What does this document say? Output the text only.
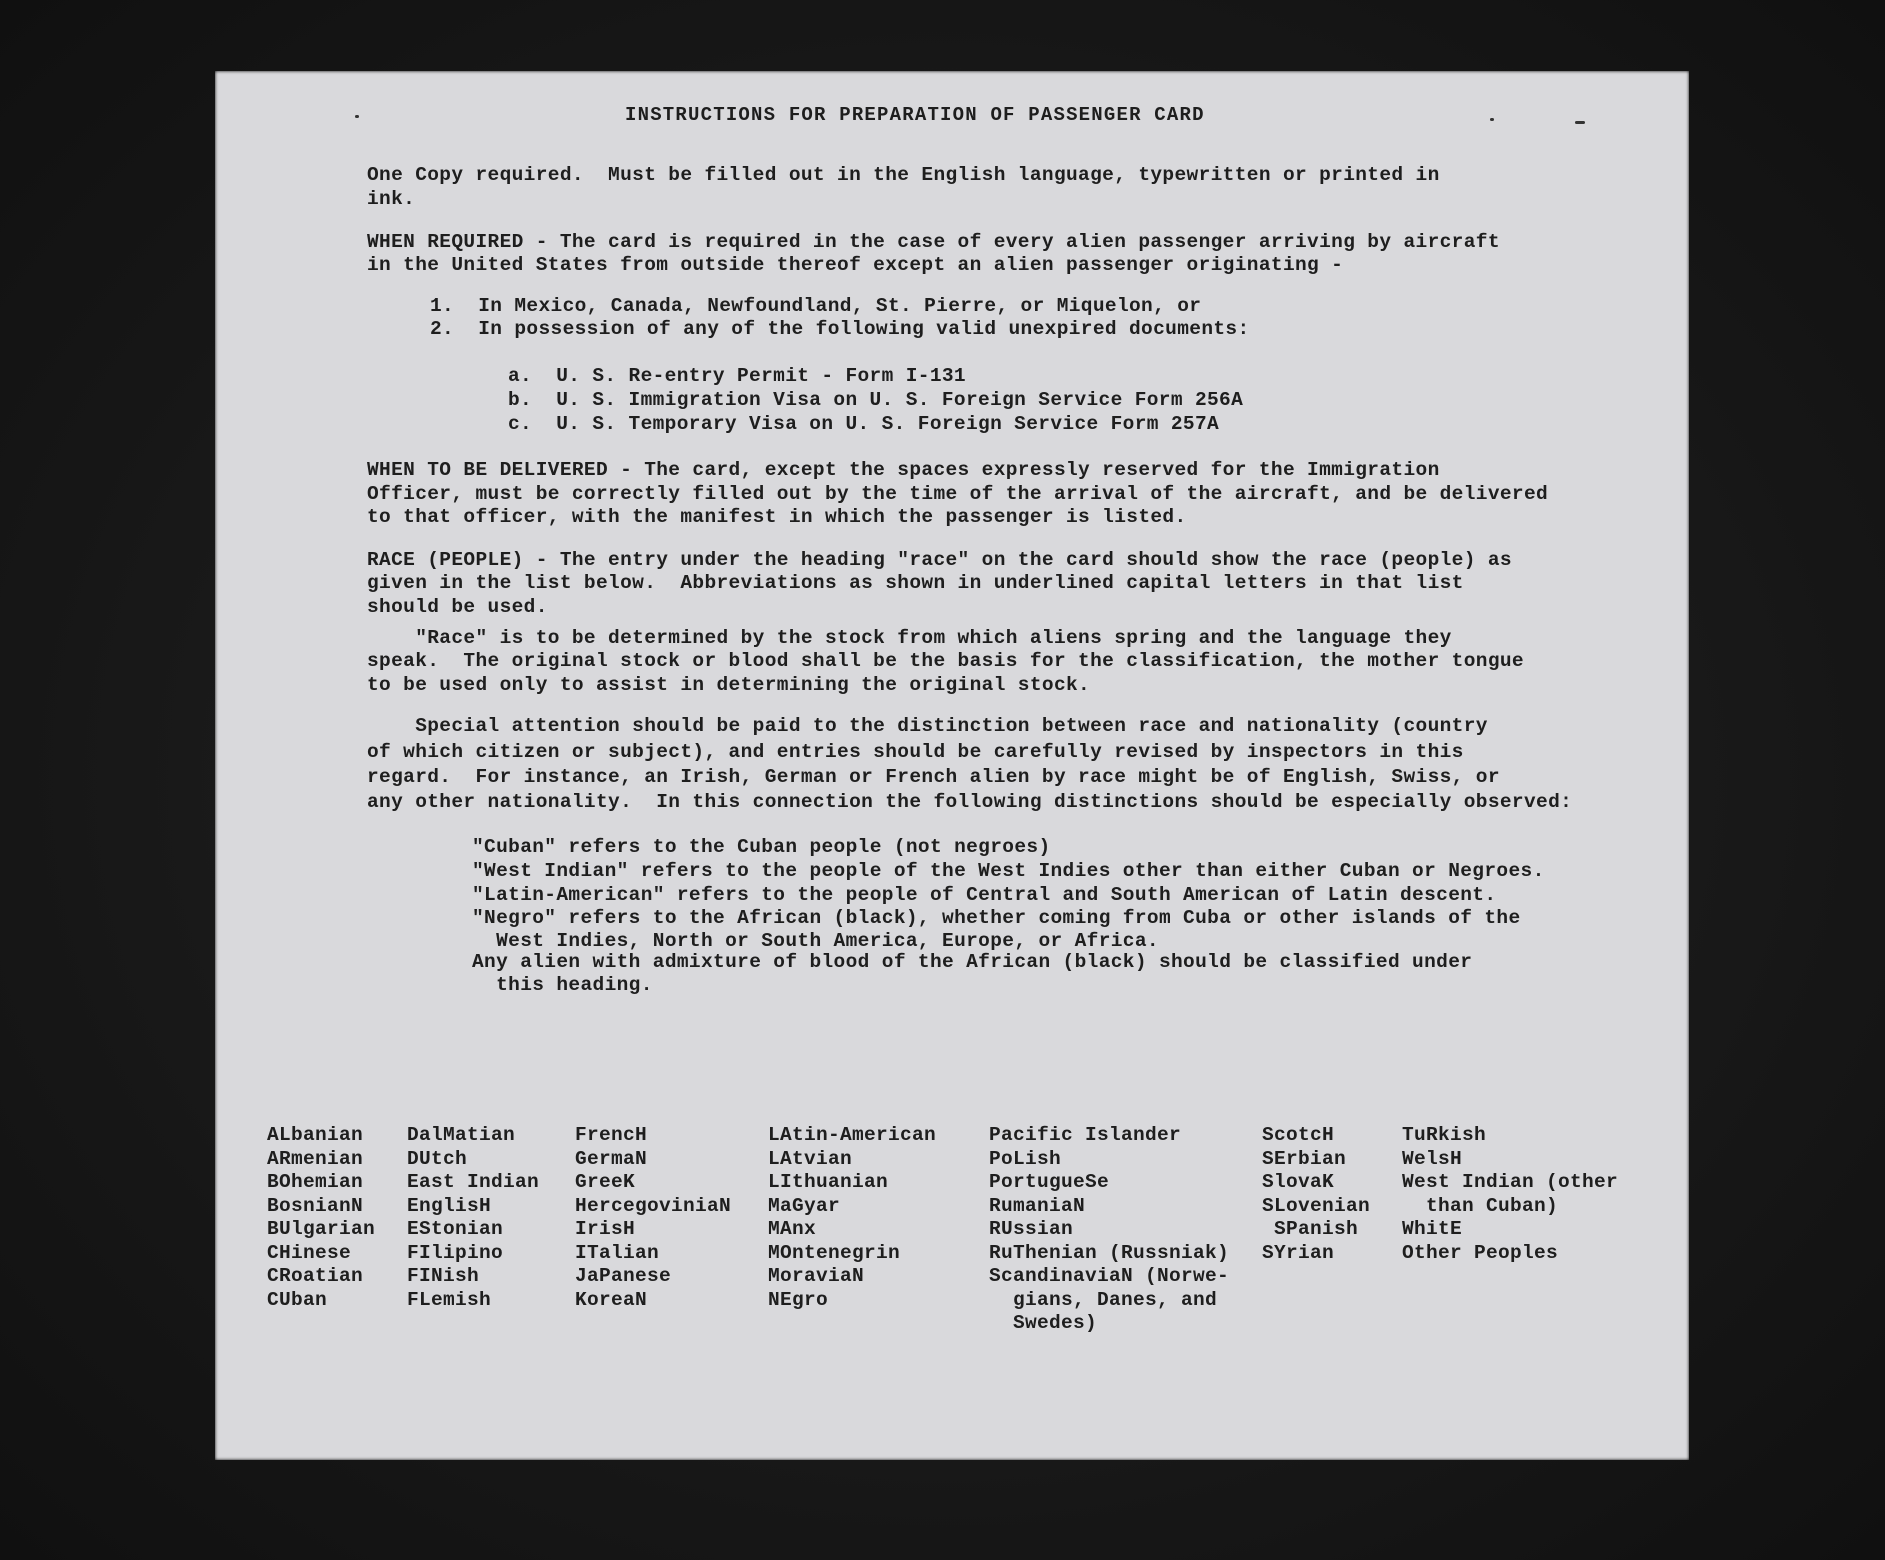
INSTRUCTIONS FOR PREPARATION OF PASSENGER CARD
One Copy required.  Must be filled out in the English language, typewritten or printed in
ink.
WHEN REQUIRED - The card is required in the case of every alien passenger arriving by aircraft
in the United States from outside thereof except an alien passenger originating -
1.  In Mexico, Canada, Newfoundland, St. Pierre, or Miquelon, or
2.  In possession of any of the following valid unexpired documents:
a.  U. S. Re-entry Permit - Form I-131
b.  U. S. Immigration Visa on U. S. Foreign Service Form 256A
c.  U. S. Temporary Visa on U. S. Foreign Service Form 257A
WHEN TO BE DELIVERED - The card, except the spaces expressly reserved for the Immigration
Officer, must be correctly filled out by the time of the arrival of the aircraft, and be delivered
to that officer, with the manifest in which the passenger is listed.
RACE (PEOPLE) - The entry under the heading "race" on the card should show the race (people) as
given in the list below.  Abbreviations as shown in underlined capital letters in that list
should be used.
"Race" is to be determined by the stock from which aliens spring and the language they
speak.  The original stock or blood shall be the basis for the classification, the mother tongue
to be used only to assist in determining the original stock.
Special attention should be paid to the distinction between race and nationality (country
of which citizen or subject), and entries should be carefully revised by inspectors in this
regard.  For instance, an Irish, German or French alien by race might be of English, Swiss, or
any other nationality.  In this connection the following distinctions should be especially observed:
"Cuban" refers to the Cuban people (not negroes)
"West Indian" refers to the people of the West Indies other than either Cuban or Negroes.
"Latin-American" refers to the people of Central and South American of Latin descent.
"Negro" refers to the African (black), whether coming from Cuba or other islands of the
West Indies, North or South America, Europe, or Africa.
Any alien with admixture of blood of the African (black) should be classified under
this heading.
ALbanian
ARmenian
BOhemian
BosnianN
BUlgarian
CHinese
CRoatian
CUban
DalMatian
DUtch
East Indian
EnglisH
EStonian
FIlipino
FINish
FLemish
FrencH
GermaN
GreeK
HercegoviniaN
IrisH
ITalian
JaPanese
KoreaN
LAtin-American
LAtvian
LIthuanian
MaGyar
MAnx
MOntenegrin
MoraviaN
NEgro
Pacific Islander
PoLish
PortugueSe
RumaniaN
RUssian
RuThenian (Russniak)
ScandinaviaN (Norwe-
gians, Danes, and
Swedes)
ScotcH
SErbian
SlovaK
SLovenian
SPanish
SYrian
TuRkish
WelsH
West Indian (other
than Cuban)
WhitE
Other Peoples
